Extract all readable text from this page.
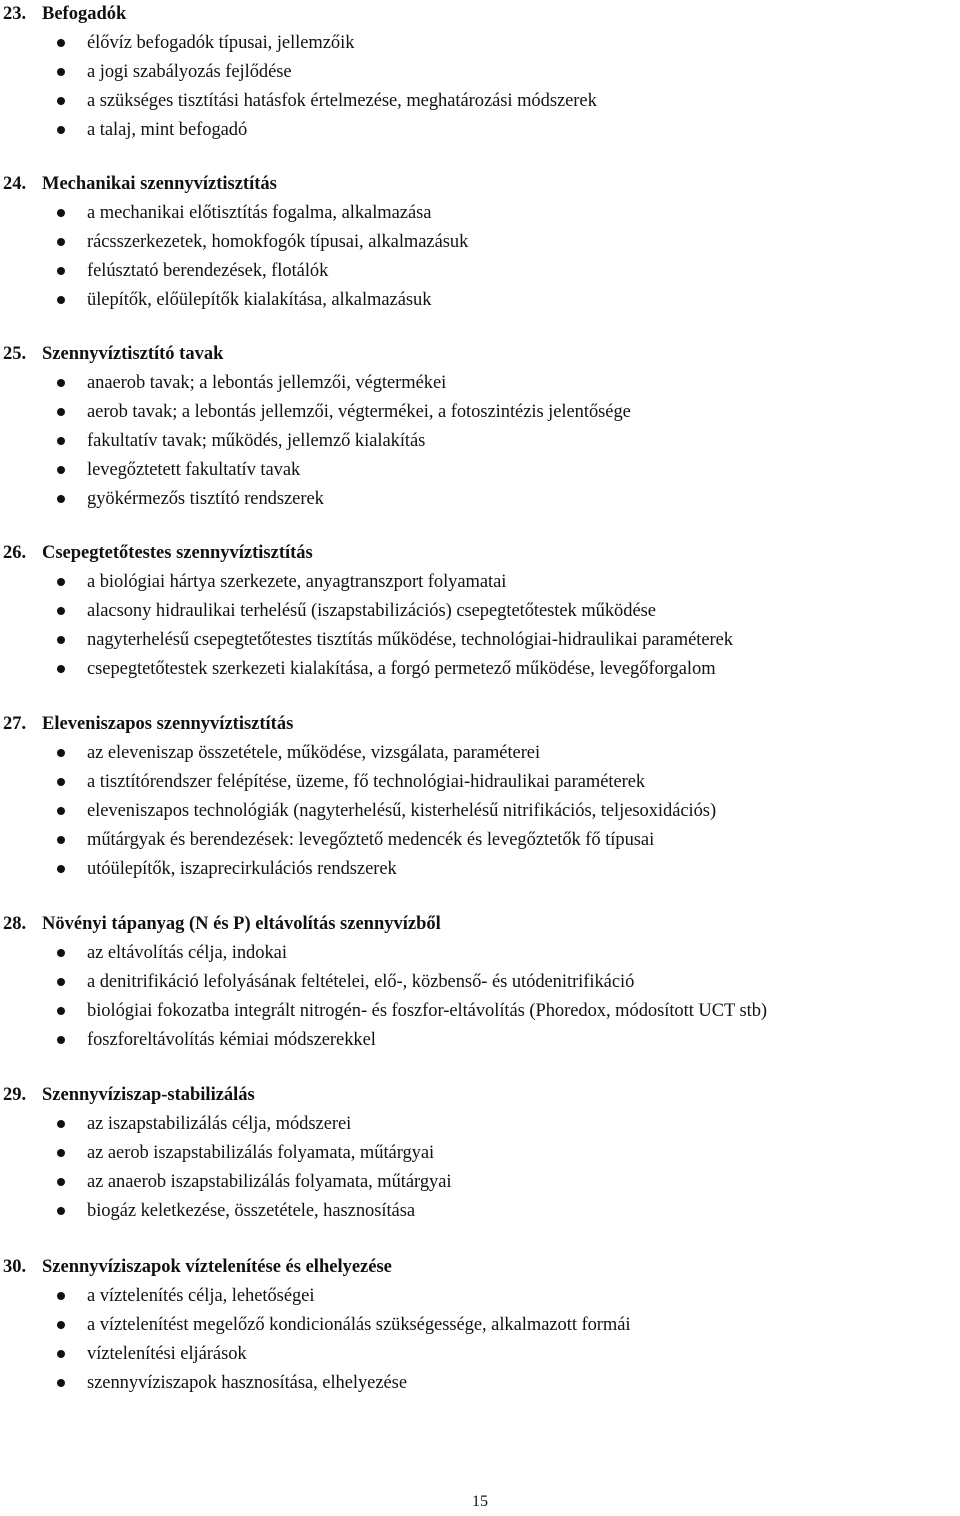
23. Befogadók
élővíz befogadók típusai, jellemzőik
a jogi szabályozás fejlődése
a szükséges tisztítási hatásfok értelmezése, meghatározási módszerek
a talaj, mint befogadó
24. Mechanikai szennyvíztisztítás
a mechanikai előtisztítás fogalma, alkalmazása
rácsszerkezetek, homokfogók típusai, alkalmazásuk
felúsztató berendezések, flotálók
ülepítők, előülepítők kialakítása, alkalmazásuk
25. Szennyvíztisztító tavak
anaerob tavak; a lebontás jellemzői, végtermékei
aerob tavak; a lebontás jellemzői, végtermékei, a fotoszintézis jelentősége
fakultatív tavak; működés, jellemző kialakítás
levegőztetett fakultatív tavak
gyökérmezős tisztító rendszerek
26. Csepegtetőtestes szennyvíztisztítás
a biológiai hártya szerkezete, anyagtranszport folyamatai
alacsony hidraulikai terhelésű (iszapstabilizációs) csepegtetőtestek működése
nagyterhelésű csepegtetőtestes tisztítás működése, technológiai-hidraulikai paraméterek
csepegtetőtestek szerkezeti kialakítása, a forgó permetező működése, levegőforgalom
27. Eleveniszapos szennyvíztisztítás
az eleveniszap összetétele, működése, vizsgálata, paraméterei
a tisztítórendszer felépítése, üzeme, fő technológiai-hidraulikai paraméterek
eleveniszapos technológiák (nagyterhelésű, kisterhelésű nitrifikációs, teljesoxidációs)
műtárgyak és berendezések: levegőztető medencék és levegőztetők fő típusai
utóülepítők, iszaprecirkulációs rendszerek
28. Növényi tápanyag (N és P) eltávolítás szennyvízből
az eltávolítás célja, indokai
a denitrifikáció lefolyásának feltételei, elő-, közbenső- és utódenitrifikáció
biológiai fokozatba integrált nitrogén- és foszfor-eltávolítás (Phoredox, módosított UCT stb)
foszforeltávolítás kémiai módszerekkel
29. Szennyvíziszap-stabilizálás
az iszapstabilizálás célja, módszerei
az aerob iszapstabilizálás folyamata, műtárgyai
az anaerob iszapstabilizálás folyamata, műtárgyai
biogáz keletkezése, összetétele, hasznosítása
30. Szennyvíziszapok víztelenítése és elhelyezése
a víztelenítés célja, lehetőségei
a víztelenítést megelőző kondicionálás szükségessége, alkalmazott formái
víztelenítési eljárások
szennyvíziszapok hasznosítása, elhelyezése
15
